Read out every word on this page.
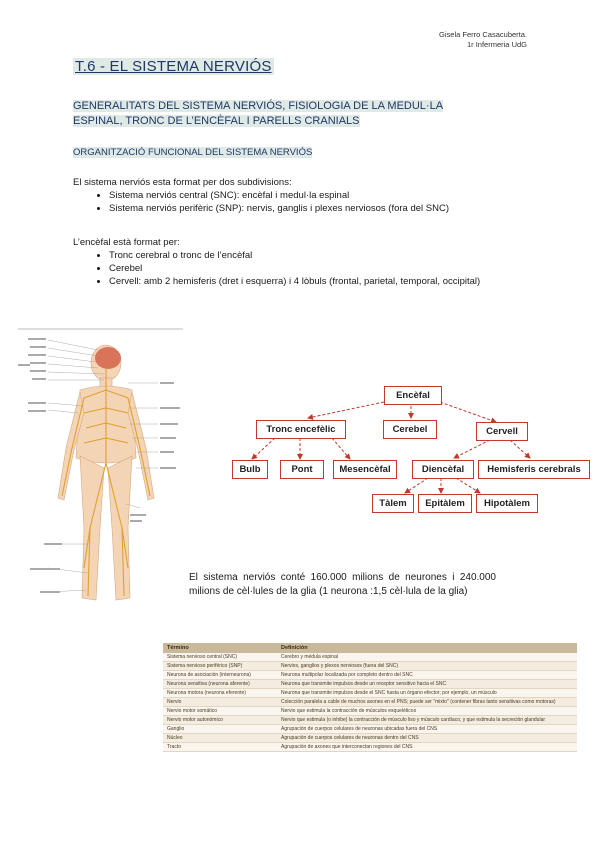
Gisela Ferro Casacuberta.
1r Infermeria UdG
T.6 - EL SISTEMA NERVIÓS
GENERALITATS DEL SISTEMA NERVIÓS, FISIOLOGIA DE LA MEDUL·LA ESPINAL, TRONC DE L’ENCÈFAL I PARELLS CRANIALS
ORGANITZACIÓ FUNCIONAL DEL SISTEMA NERVIÓS
El sistema nerviós esta format per dos subdivisions:
• Sistema nerviós central (SNC): encèfal i medul·la espinal
• Sistema nerviós perifèric (SNP): nervis, ganglis i plexes nerviosos (fora del SNC)
L’encèfal està format per:
• Tronc cerebral o tronc de l’encèfal
• Cerebel
• Cervell: amb 2 hemisferis (dret i esquerra) i 4 lòbuls (frontal, parietal, temporal, occipital)
Encèfal
Tronc encefèlic	Cerebel	Cervell
Bulb	Pont	Mesencèfal	Diencèfal	Hemisferis cerebrals
Tàlem	Epitàlem	Hipotàlem
El sistema nerviós conté 160.000 milions de neurones i 240.000 milions de cèl·lules de la glia (1 neurona :1,5 cèl·lula de la glia)
Término	Definición
Sistema nervioso central (SNC)	Cerebro y médula espinal
Sistema nervioso periférico (SNP)	Nervios, ganglios y plexos nerviosos (fuera del SNC)
Neurona de asociación (interneurona)	Neurona multipolar localizada por completo dentro del SNC
Neurona sensitiva (neurona aferente)	Neurona que transmite impulsos desde un receptor sensitivo hacia el SNC
Neurona motora (neurona eferente)	Neurona que transmite impulsos desde el SNC hasta un órgano efector; por ejemplo, un músculo
Nervio	Colección paralela a cable de muchos axones en el PNS; puede ser "mixto" (contener fibras tanto sensitivas como motoras)
Nervio motor somático	Nervio que estimula la contracción de músculos esqueléticos
Nervio motor autonómico	Nervio que estimula (o inhibe) la contracción de músculo liso y músculo cardíaco, y que estimula la secreción glandular
Ganglio	Agrupación de cuerpos celulares de neuronas ubicadas fuera del CNS
Núcleo	Agrupación de cuerpos celulares de neuronas dentro del CNS
Tracto	Agrupación de axones que interconectan regiones del CNS
